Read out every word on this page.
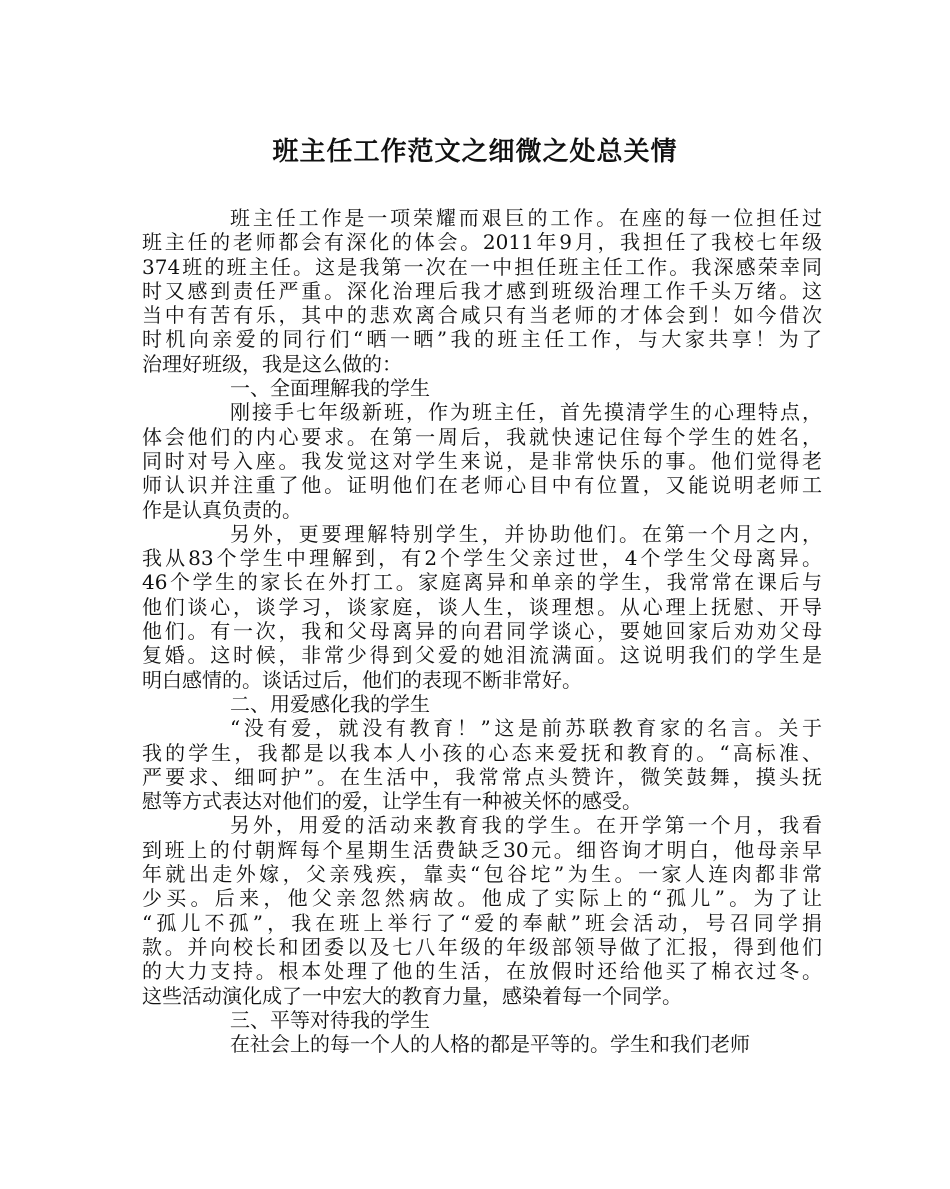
班主任工作范文之细微之处总关情
班主任工作是一项荣耀而艰巨的工作。在座的每一位担任过
班主任的老师都会有深化的体会。2011年9月，我担任了我校七年级
374班的班主任。这是我第一次在一中担任班主任工作。我深感荣幸同
时又感到责任严重。深化治理后我才感到班级治理工作千头万绪。这
当中有苦有乐，其中的悲欢离合咸只有当老师的才体会到！如今借次
时机向亲爱的同行们“晒一晒”我的班主任工作，与大家共享！为了
治理好班级，我是这么做的：
一、全面理解我的学生
刚接手七年级新班，作为班主任，首先摸清学生的心理特点，
体会他们的内心要求。在第一周后，我就快速记住每个学生的姓名，
同时对号入座。我发觉这对学生来说，是非常快乐的事。他们觉得老
师认识并注重了他。证明他们在老师心目中有位置，又能说明老师工
作是认真负责的。
另外，更要理解特别学生，并协助他们。在第一个月之内，
我从83个学生中理解到，有2个学生父亲过世，4个学生父母离异。
46个学生的家长在外打工。家庭离异和单亲的学生，我常常在课后与
他们谈心，谈学习，谈家庭，谈人生，谈理想。从心理上抚慰、开导
他们。有一次，我和父母离异的向君同学谈心，要她回家后劝劝父母
复婚。这时候，非常少得到父爱的她泪流满面。这说明我们的学生是
明白感情的。谈话过后，他们的表现不断非常好。
二、用爱感化我的学生
“没有爱，就没有教育！”这是前苏联教育家的名言。关于
我的学生，我都是以我本人小孩的心态来爱抚和教育的。“高标准、
严要求、细呵护”。在生活中，我常常点头赞许，微笑鼓舞，摸头抚
慰等方式表达对他们的爱，让学生有一种被关怀的感受。
另外，用爱的活动来教育我的学生。在开学第一个月，我看
到班上的付朝辉每个星期生活费缺乏30元。细咨询才明白，他母亲早
年就出走外嫁，父亲残疾，靠卖“包谷坨”为生。一家人连肉都非常
少买。后来，他父亲忽然病故。他成了实际上的“孤儿”。为了让
“孤儿不孤”，我在班上举行了“爱的奉献”班会活动，号召同学捐
款。并向校长和团委以及七八年级的年级部领导做了汇报，得到他们
的大力支持。根本处理了他的生活，在放假时还给他买了棉衣过冬。
这些活动演化成了一中宏大的教育力量，感染着每一个同学。
三、平等对待我的学生
在社会上的每一个人的人格的都是平等的。学生和我们老师
